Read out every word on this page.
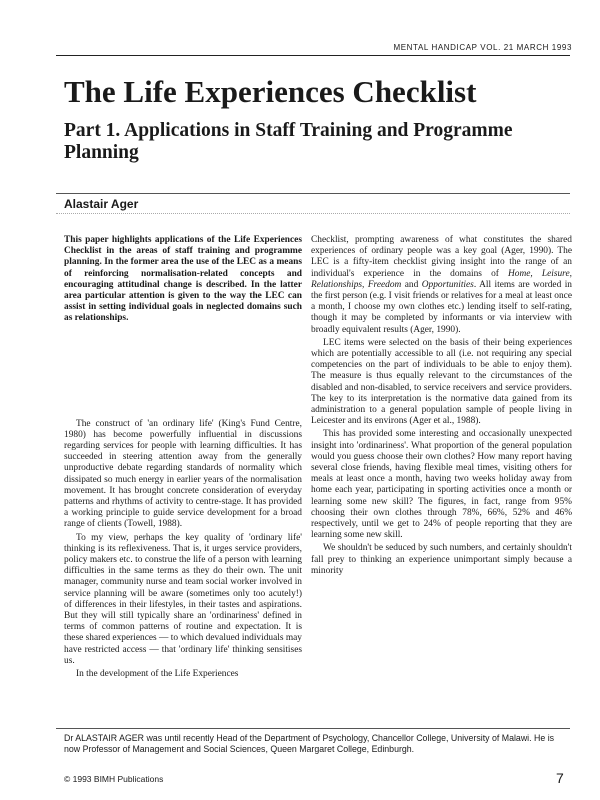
MENTAL HANDICAP VOL. 21 MARCH 1993
The Life Experiences Checklist
Part 1. Applications in Staff Training and Programme Planning
Alastair Ager

This paper highlights applications of the Life Experiences Checklist in the areas of staff training and programme planning. In the former area the use of the LEC as a means of reinforcing normalisation-related concepts and encouraging attitudinal change is described. In the latter area particular attention is given to the way the LEC can assist in setting individual goals in neglected domains such as relationships.

The construct of 'an ordinary life' (King's Fund Centre, 1980) has become powerfully influential in discussions regarding services for people with learning difficulties. It has succeeded in steering attention away from the generally unproductive debate regarding standards of normality which dissipated so much energy in earlier years of the normalisation movement. It has brought concrete consideration of everyday patterns and rhythms of activity to centre-stage. It has provided a working principle to guide service development for a broad range of clients (Towell, 1988).

To my view, perhaps the key quality of 'ordinary life' thinking is its reflexiveness. That is, it urges service providers, policy makers etc. to construe the life of a person with learning difficulties in the same terms as they do their own. The unit manager, community nurse and team social worker involved in service planning will be aware (sometimes only too acutely!) of differences in their lifestyles, in their tastes and aspirations. But they will still typically share an 'ordinariness' defined in terms of common patterns of routine and expectation. It is these shared experiences — to which devalued individuals may have restricted access — that 'ordinary life' thinking sensitises us.

In the development of the Life Experiences

Checklist, prompting awareness of what constitutes the shared experiences of ordinary people was a key goal (Ager, 1990). The LEC is a fifty-item checklist giving insight into the range of an individual's experience in the domains of Home, Leisure, Relationships, Freedom and Opportunities. All items are worded in the first person (e.g. I visit friends or relatives for a meal at least once a month, I choose my own clothes etc.) lending itself to self-rating, though it may be completed by informants or via interview with broadly equivalent results (Ager, 1990).

LEC items were selected on the basis of their being experiences which are potentially accessible to all (i.e. not requiring any special competencies on the part of individuals to be able to enjoy them). The measure is thus equally relevant to the circumstances of the disabled and non-disabled, to service receivers and service providers. The key to its interpretation is the normative data gained from its administration to a general population sample of people living in Leicester and its environs (Ager et al., 1988).

This has provided some interesting and occasionally unexpected insight into 'ordinariness'. What proportion of the general population would you guess choose their own clothes? How many report having several close friends, having flexible meal times, visiting others for meals at least once a month, having two weeks holiday away from home each year, participating in sporting activities once a month or learning some new skill? The figures, in fact, range from 95% choosing their own clothes through 78%, 66%, 52% and 46% respectively, until we get to 24% of people reporting that they are learning some new skill.

We shouldn't be seduced by such numbers, and certainly shouldn't fall prey to thinking an experience unimportant simply because a minority

Dr ALASTAIR AGER was until recently Head of the Department of Psychology, Chancellor College, University of Malawi. He is now Professor of Management and Social Sciences, Queen Margaret College, Edinburgh.

© 1993 BIMH Publications	7
